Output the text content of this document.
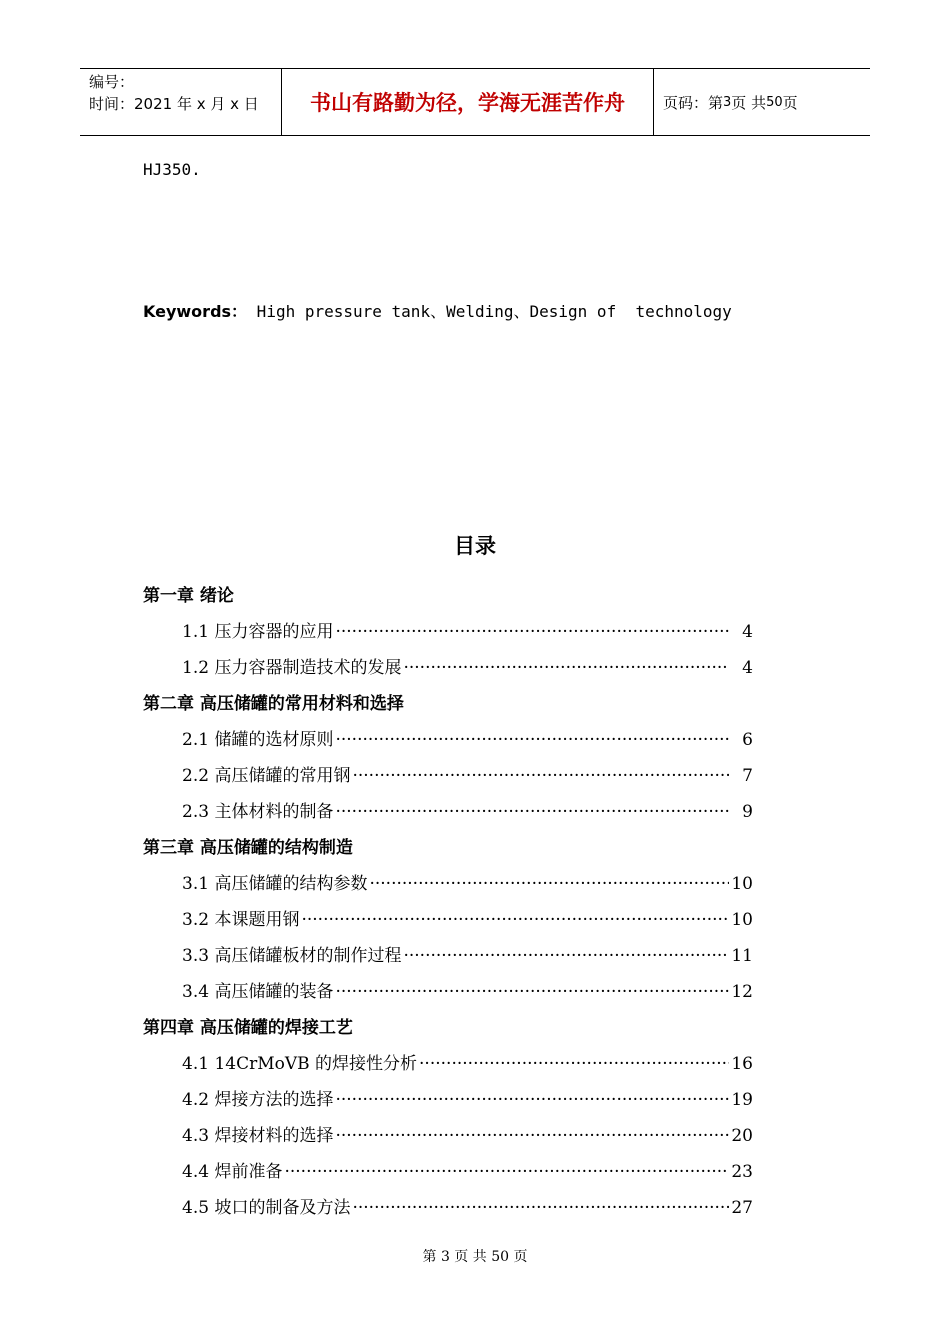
编号：
时间：2021 年 x 月 x 日	书山有路勤为径，学海无涯苦作舟	页码：第 3 页 共 50 页
HJ350.
Keywords： High pressure tank、Welding、Design of  technology
目录
第一章 绪论
1.1 压力容器的应用 ·····	4
1.2 压力容器制造技术的发展 ·····	4
第二章 高压储罐的常用材料和选择
2.1 储罐的选材原则 ·····	6
2.2 高压储罐的常用钢 ·····	7
2.3 主体材料的制备 ·····	9
第三章 高压储罐的结构制造
3.1 高压储罐的结构参数 ·····	10
3.2 本课题用钢 ·····	10
3.3 高压储罐板材的制作过程 ·····	11
3.4 高压储罐的装备 ·····	12
第四章 高压储罐的焊接工艺
4.1 14CrMoVB 的焊接性分析 ·····	16
4.2 焊接方法的选择 ·····	19
4.3 焊接材料的选择 ·····	20
4.4 焊前准备 ·····	23
4.5 坡口的制备及方法 ·····	27
第 3 页 共 50 页
